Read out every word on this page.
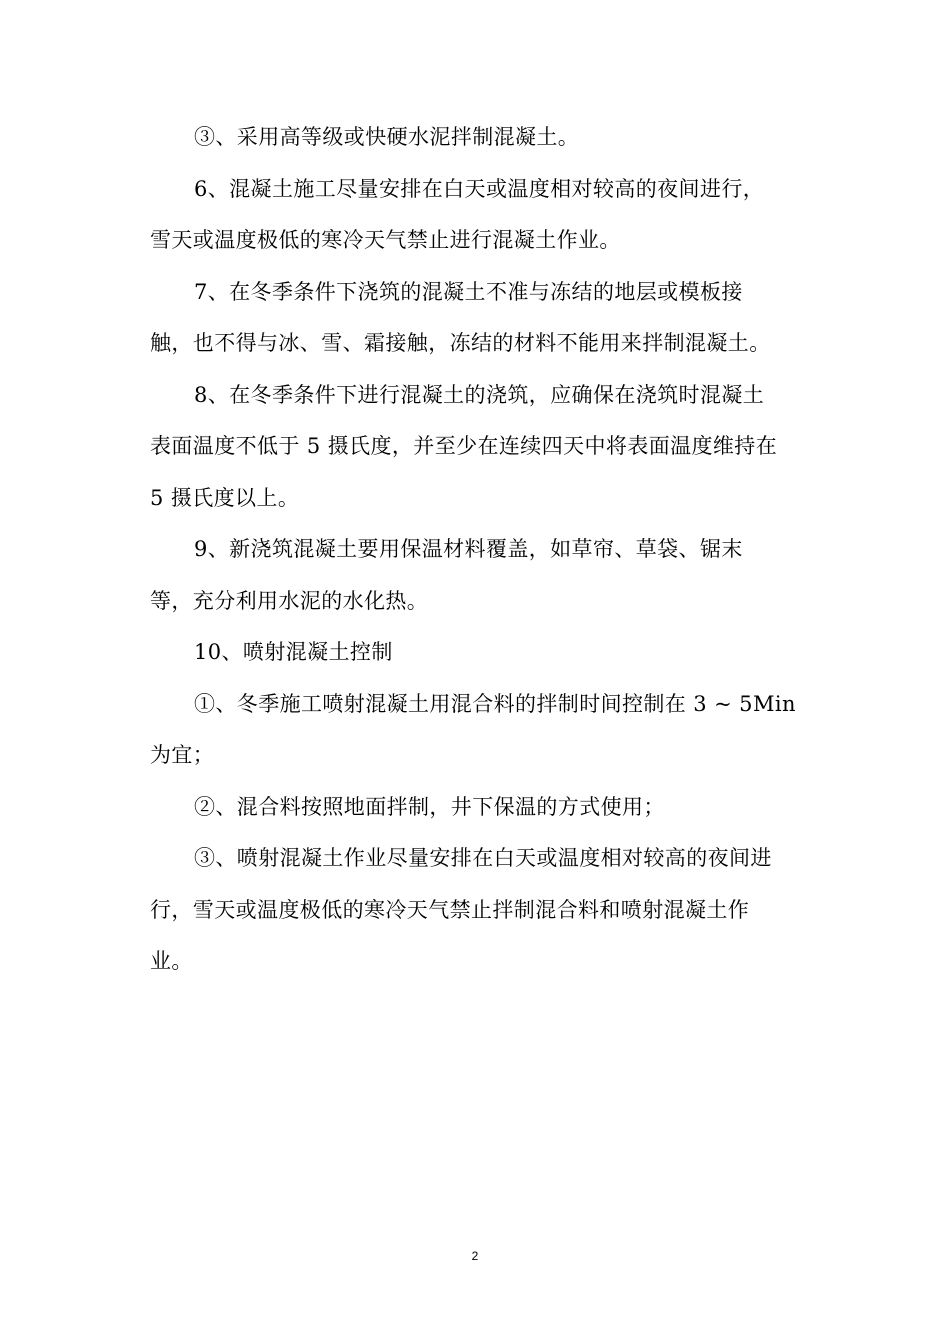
③、采用高等级或快硬水泥拌制混凝土。
6、混凝土施工尽量安排在白天或温度相对较高的夜间进行，
雪天或温度极低的寒冷天气禁止进行混凝土作业。
7、在冬季条件下浇筑的混凝土不准与冻结的地层或模板接
触，也不得与冰、雪、霜接触，冻结的材料不能用来拌制混凝土。
8、在冬季条件下进行混凝土的浇筑，应确保在浇筑时混凝土
表面温度不低于 5 摄氏度，并至少在连续四天中将表面温度维持在
5 摄氏度以上。
9、新浇筑混凝土要用保温材料覆盖，如草帘、草袋、锯末
等，充分利用水泥的水化热。
10、喷射混凝土控制
①、冬季施工喷射混凝土用混合料的拌制时间控制在 3 ~ 5Min
为宜；
②、混合料按照地面拌制，井下保温的方式使用；
③、喷射混凝土作业尽量安排在白天或温度相对较高的夜间进
行，雪天或温度极低的寒冷天气禁止拌制混合料和喷射混凝土作
业。

2
